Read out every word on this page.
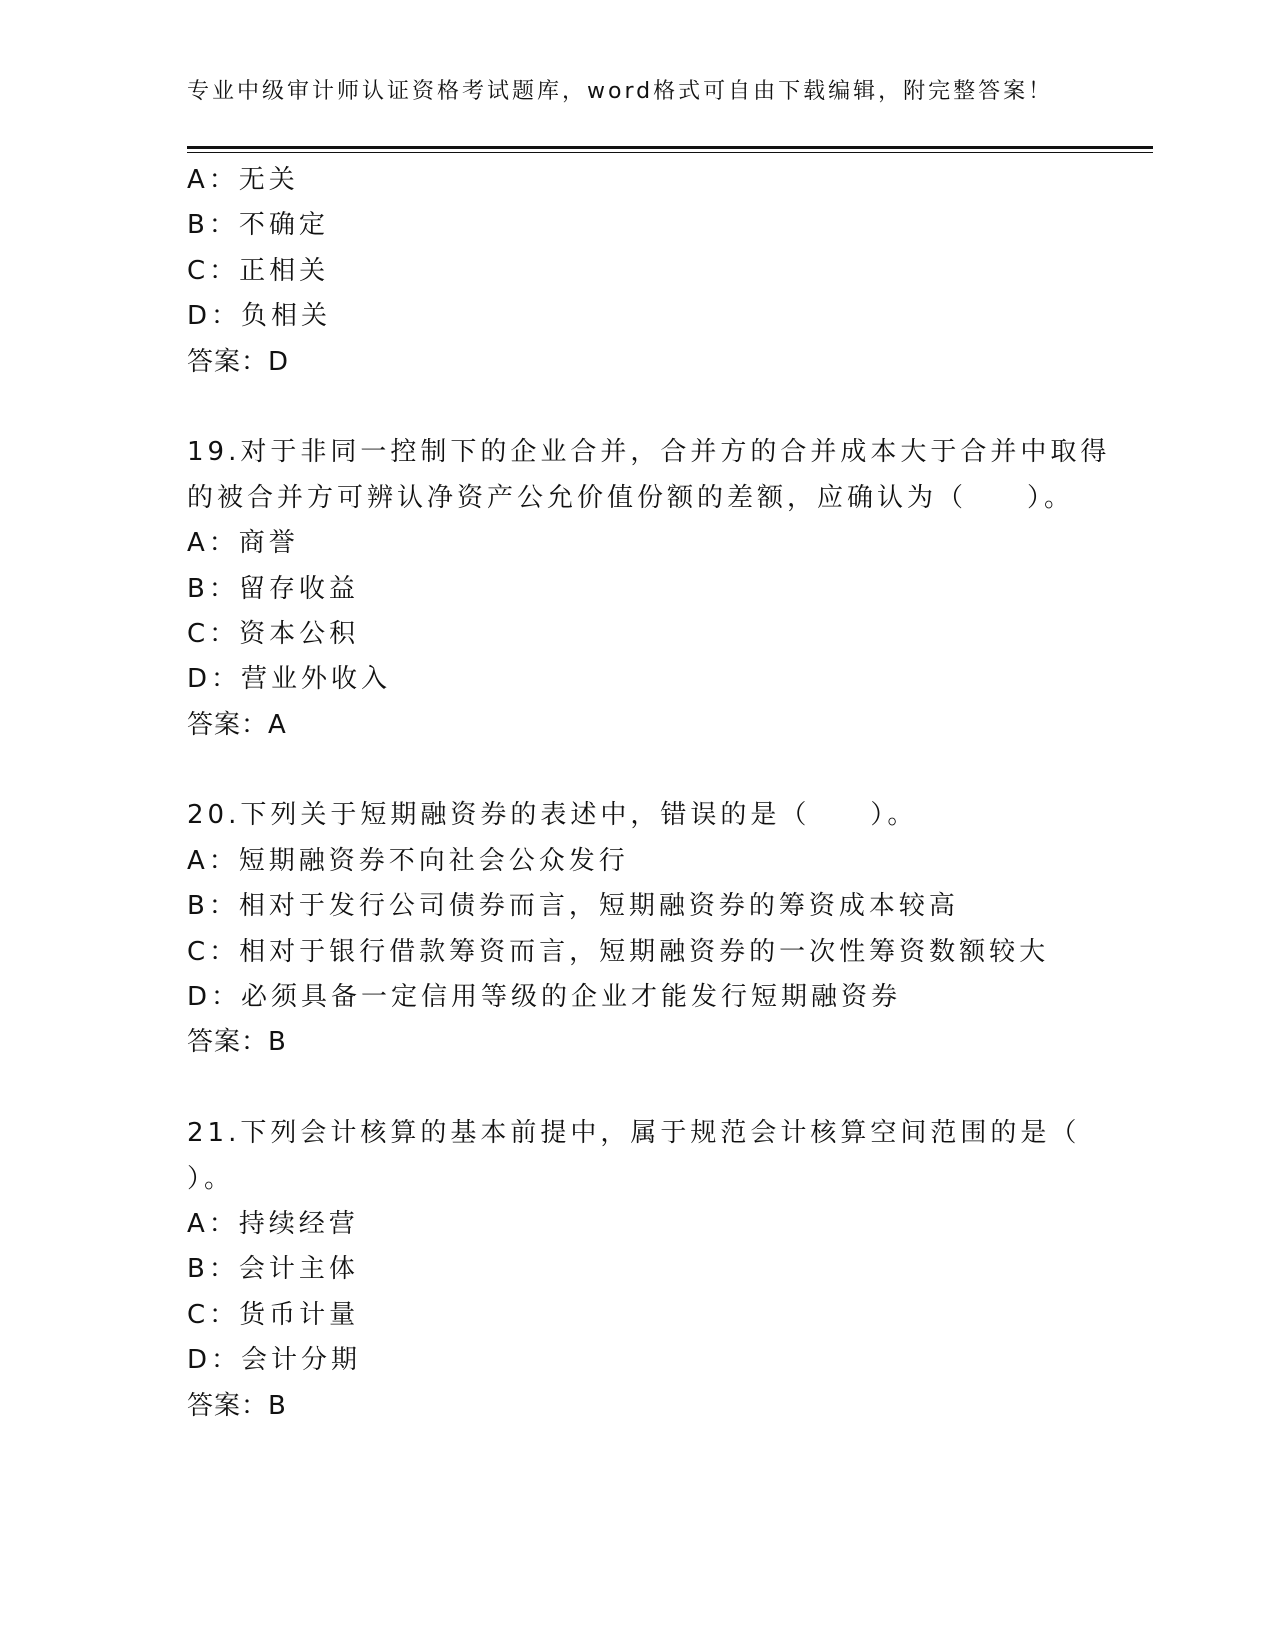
专业中级审计师认证资格考试题库，word格式可自由下载编辑，附完整答案！
A：无关
B：不确定
C：正相关
D：负相关
答案：D
19.对于非同一控制下的企业合并，合并方的合并成本大于合并中取得
的被合并方可辨认净资产公允价值份额的差额，应确认为（　　）。
A：商誉
B：留存收益
C：资本公积
D：营业外收入
答案：A
20.下列关于短期融资券的表述中，错误的是（　　）。
A：短期融资券不向社会公众发行
B：相对于发行公司债券而言，短期融资券的筹资成本较高
C：相对于银行借款筹资而言，短期融资券的一次性筹资数额较大
D：必须具备一定信用等级的企业才能发行短期融资券
答案：B
21.下列会计核算的基本前提中，属于规范会计核算空间范围的是（
）。
A：持续经营
B：会计主体
C：货币计量
D：会计分期
答案：B
